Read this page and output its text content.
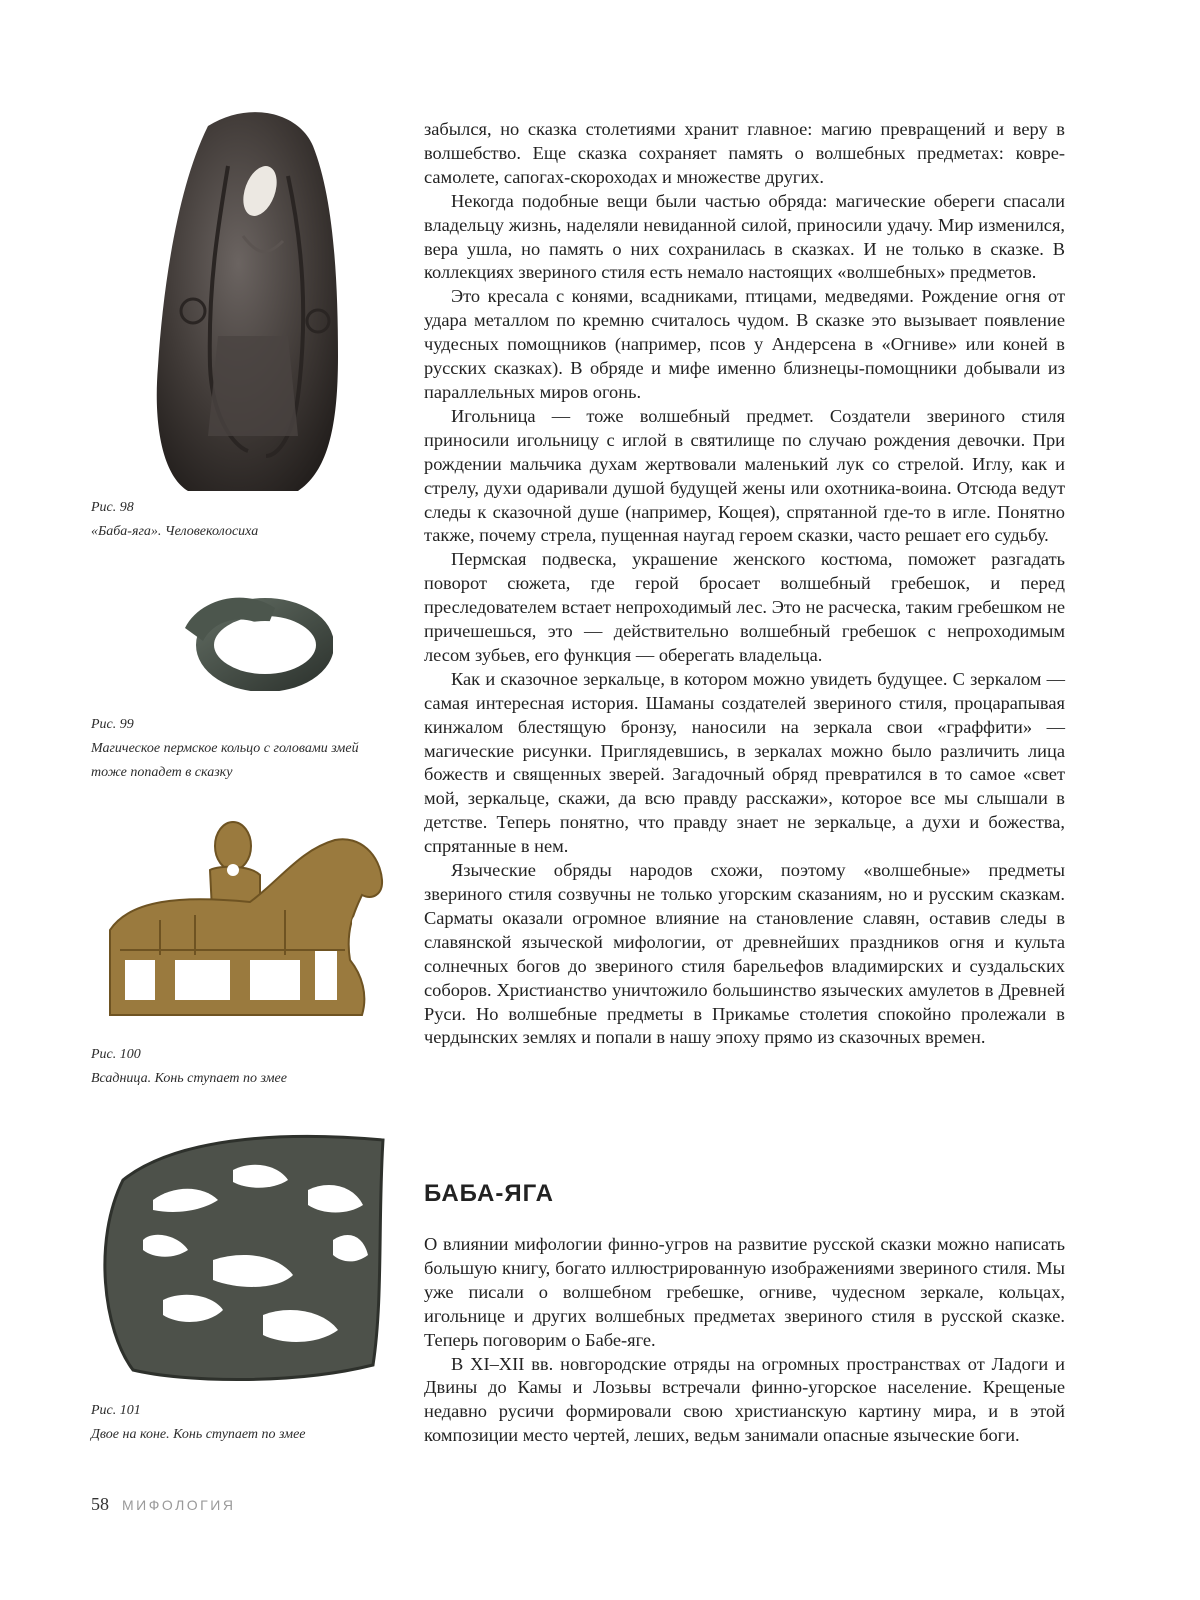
Рис. 98
«Баба-яга». Человеколосиха
Рис. 99
Магическое пермское кольцо с головами змей тоже попадет в сказку
Рис. 100
Всадница. Конь ступает по змее
Рис. 101
Двое на коне. Конь ступает по змее

забылся, но сказка столетиями хранит главное: магию превращений и веру в волшебство. Еще сказка сохраняет память о волшебных предметах: ковре-самолете, сапогах-скороходах и множестве других.

Некогда подобные вещи были частью обряда: магические обереги спасали владельцу жизнь, наделяли невиданной силой, приносили удачу. Мир изменился, вера ушла, но память о них сохранилась в сказках. И не только в сказке. В коллекциях звериного стиля есть немало настоящих «волшебных» предметов.

Это кресала с конями, всадниками, птицами, медведями. Рождение огня от удара металлом по кремню считалось чудом. В сказке это вызывает появление чудесных помощников (например, псов у Андерсена в «Огниве» или коней в русских сказках). В обряде и мифе именно близнецы-помощники добывали из параллельных миров огонь.

Игольница — тоже волшебный предмет. Создатели звериного стиля приносили игольницу с иглой в святилище по случаю рождения девочки. При рождении мальчика духам жертвовали маленький лук со стрелой. Иглу, как и стрелу, духи одаривали душой будущей жены или охотника-воина. Отсюда ведут следы к сказочной душе (например, Кощея), спрятанной где-то в игле. Понятно также, почему стрела, пущенная наугад героем сказки, часто решает его судьбу.

Пермская подвеска, украшение женского костюма, поможет разгадать поворот сюжета, где герой бросает волшебный гребешок, и перед преследователем встает непроходимый лес. Это не расческа, таким гребешком не причешешься, это — действительно волшебный гребешок с непроходимым лесом зубьев, его функция — оберегать владельца.

Как и сказочное зеркальце, в котором можно увидеть будущее. С зеркалом — самая интересная история. Шаманы создателей звериного стиля, процарапывая кинжалом блестящую бронзу, наносили на зеркала свои «граффити» — магические рисунки. Приглядевшись, в зеркалах можно было различить лица божеств и священных зверей. Загадочный обряд превратился в то самое «свет мой, зеркальце, скажи, да всю правду расскажи», которое все мы слышали в детстве. Теперь понятно, что правду знает не зеркальце, а духи и божества, спрятанные в нем.

Языческие обряды народов схожи, поэтому «волшебные» предметы звериного стиля созвучны не только угорским сказаниям, но и русским сказкам. Сарматы оказали огромное влияние на становление славян, оставив следы в славянской языческой мифологии, от древнейших праздников огня и культа солнечных богов до звериного стиля барельефов владимирских и суздальских соборов. Христианство уничтожило большинство языческих амулетов в Древней Руси. Но волшебные предметы в Прикамье столетия спокойно пролежали в чердынских землях и попали в нашу эпоху прямо из сказочных времен.

БАБА-ЯГА

О влиянии мифологии финно-угров на развитие русской сказки можно написать большую книгу, богато иллюстрированную изображениями звериного стиля. Мы уже писали о волшебном гребешке, огниве, чудесном зеркале, кольцах, игольнице и других волшебных предметах звериного стиля в русской сказке. Теперь поговорим о Бабе-яге.

В XI–XII вв. новгородские отряды на огромных пространствах от Ладоги и Двины до Камы и Лозьвы встречали финно-угорское население. Крещеные недавно русичи формировали свою христианскую картину мира, и в этой композиции место чертей, леших, ведьм занимали опасные языческие боги.

58 МИФОЛОГИЯ
